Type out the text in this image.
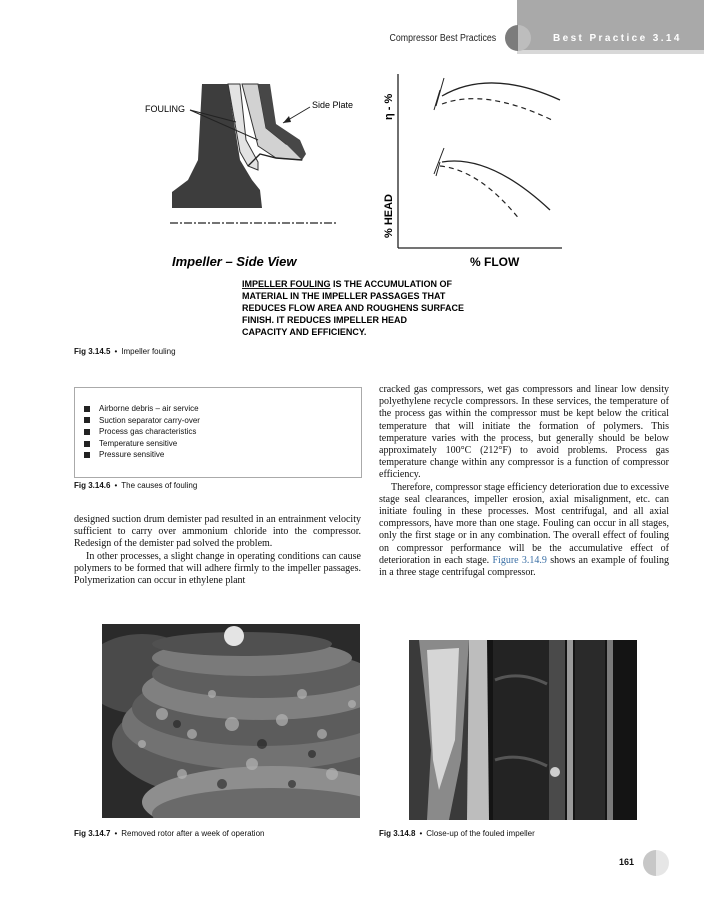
Compressor Best Practices	Best Practice 3.14
FOULING	Side Plate
Impeller – Side View
η - %
% HEAD
% FLOW
IMPELLER FOULING IS THE ACCUMULATION OF
MATERIAL IN THE IMPELLER PASSAGES THAT
REDUCES FLOW AREA AND ROUGHENS SURFACE
FINISH. IT REDUCES IMPELLER HEAD
CAPACITY AND EFFICIENCY.
Fig 3.14.5 • Impeller fouling
Airborne debris – air service
Suction separator carry-over
Process gas characteristics
Temperature sensitive
Pressure sensitive
Fig 3.14.6 • The causes of fouling

designed suction drum demister pad resulted in an entrainment velocity sufficient to carry over ammonium chloride into the compressor. Redesign of the demister pad solved the problem.

In other processes, a slight change in operating conditions can cause polymers to be formed that will adhere firmly to the impeller passages. Polymerization can occur in ethylene plant

cracked gas compressors, wet gas compressors and linear low density polyethylene recycle compressors. In these services, the temperature of the process gas within the compressor must be kept below the critical temperature that will initiate the formation of polymers. This temperature varies with the process, but generally should be below approximately 100°C (212°F) to avoid problems. Process gas temperature change within any compressor is a function of compressor efficiency.

Therefore, compressor stage efficiency deterioration due to excessive stage seal clearances, impeller erosion, axial misalignment, etc. can initiate fouling in these processes. Most centrifugal, and all axial compressors, have more than one stage. Fouling can occur in all stages, only the first stage or in any combination. The overall effect of fouling on compressor performance will be the accumulative effect of deterioration in each stage. Figure 3.14.9 shows an example of fouling in a three stage centrifugal compressor.

Fig 3.14.7 • Removed rotor after a week of operation	Fig 3.14.8 • Close-up of the fouled impeller
161
